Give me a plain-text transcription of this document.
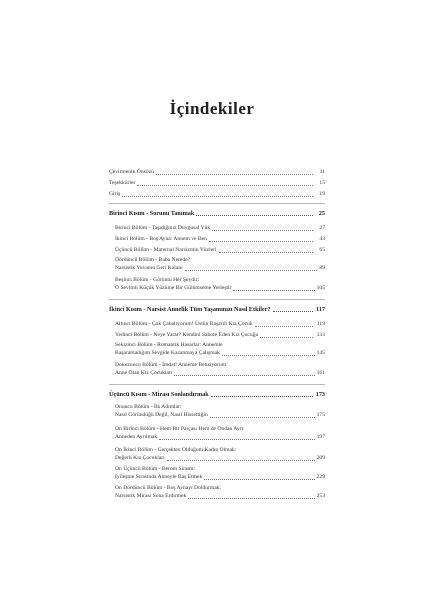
İçindekiler
Çevirmenin Önsözü	11
Teşekkürler	15
Giriş	19
Birinci Kısım - Sorunu Tanımak	25
Birinci Bölüm - Taşıdığınız Duygusal Yük	27
İkinci Bölüm - Boş Ayna: Annem ve Ben	43
Üçüncü Bölüm - Maternal Narsizmin Yüzleri	65
Dördüncü Bölüm - Baba Nerede?
Narsistik Yuvanın Geri Kalanı	89
Beşinci Bölüm - Görüntü Her Şeydir:
O Sevimli Küçük Yüzüme Bir Gülümseme Yerleştir	105
İkinci Kısım - Narsist Annelik Tüm Yaşamınızı Nasıl Etkiler?	117
Altıncı Bölüm - Çok Çabalıyorum! Üstün Başarılı Kız Çocuk	119
Yedinci Bölüm - Neye Yarar? Kendini Sabote Eden Kız Çocuğu	133
Sekizinci Bölüm - Romantik Hasarlar: Annemle
Başaramadığım Sevgide Kazanmaya Çalışmak	145
Dokuzuncu Bölüm - İmdat! Anneme Benziyorum:
Anne Olan Kız Çocukları	161
Üçüncü Kısım - Mirası Sonlandırmak	173
Onuncu Bölüm - İlk Adımlar:
Nasıl Göründüğü Değil, Nasıl Hissettiğin	175
On Birinci Bölüm - Hem Bir Parçası Hem de Ondan Ayrı:
Anneden Ayrılmak	197
On İkinci Bölüm - Gerçekten Olduğum Kadın Olmak:
Değerli Kız Çocukları	209
On Üçüncü Bölüm - Berom Siramı:
İyileşme Sırasında Anneyle Baş Etmek	229
On Dördüncü Bölüm - Boş Aynayı Doldurmak:
Narsistik Mirası Sona Erdirmek	253
